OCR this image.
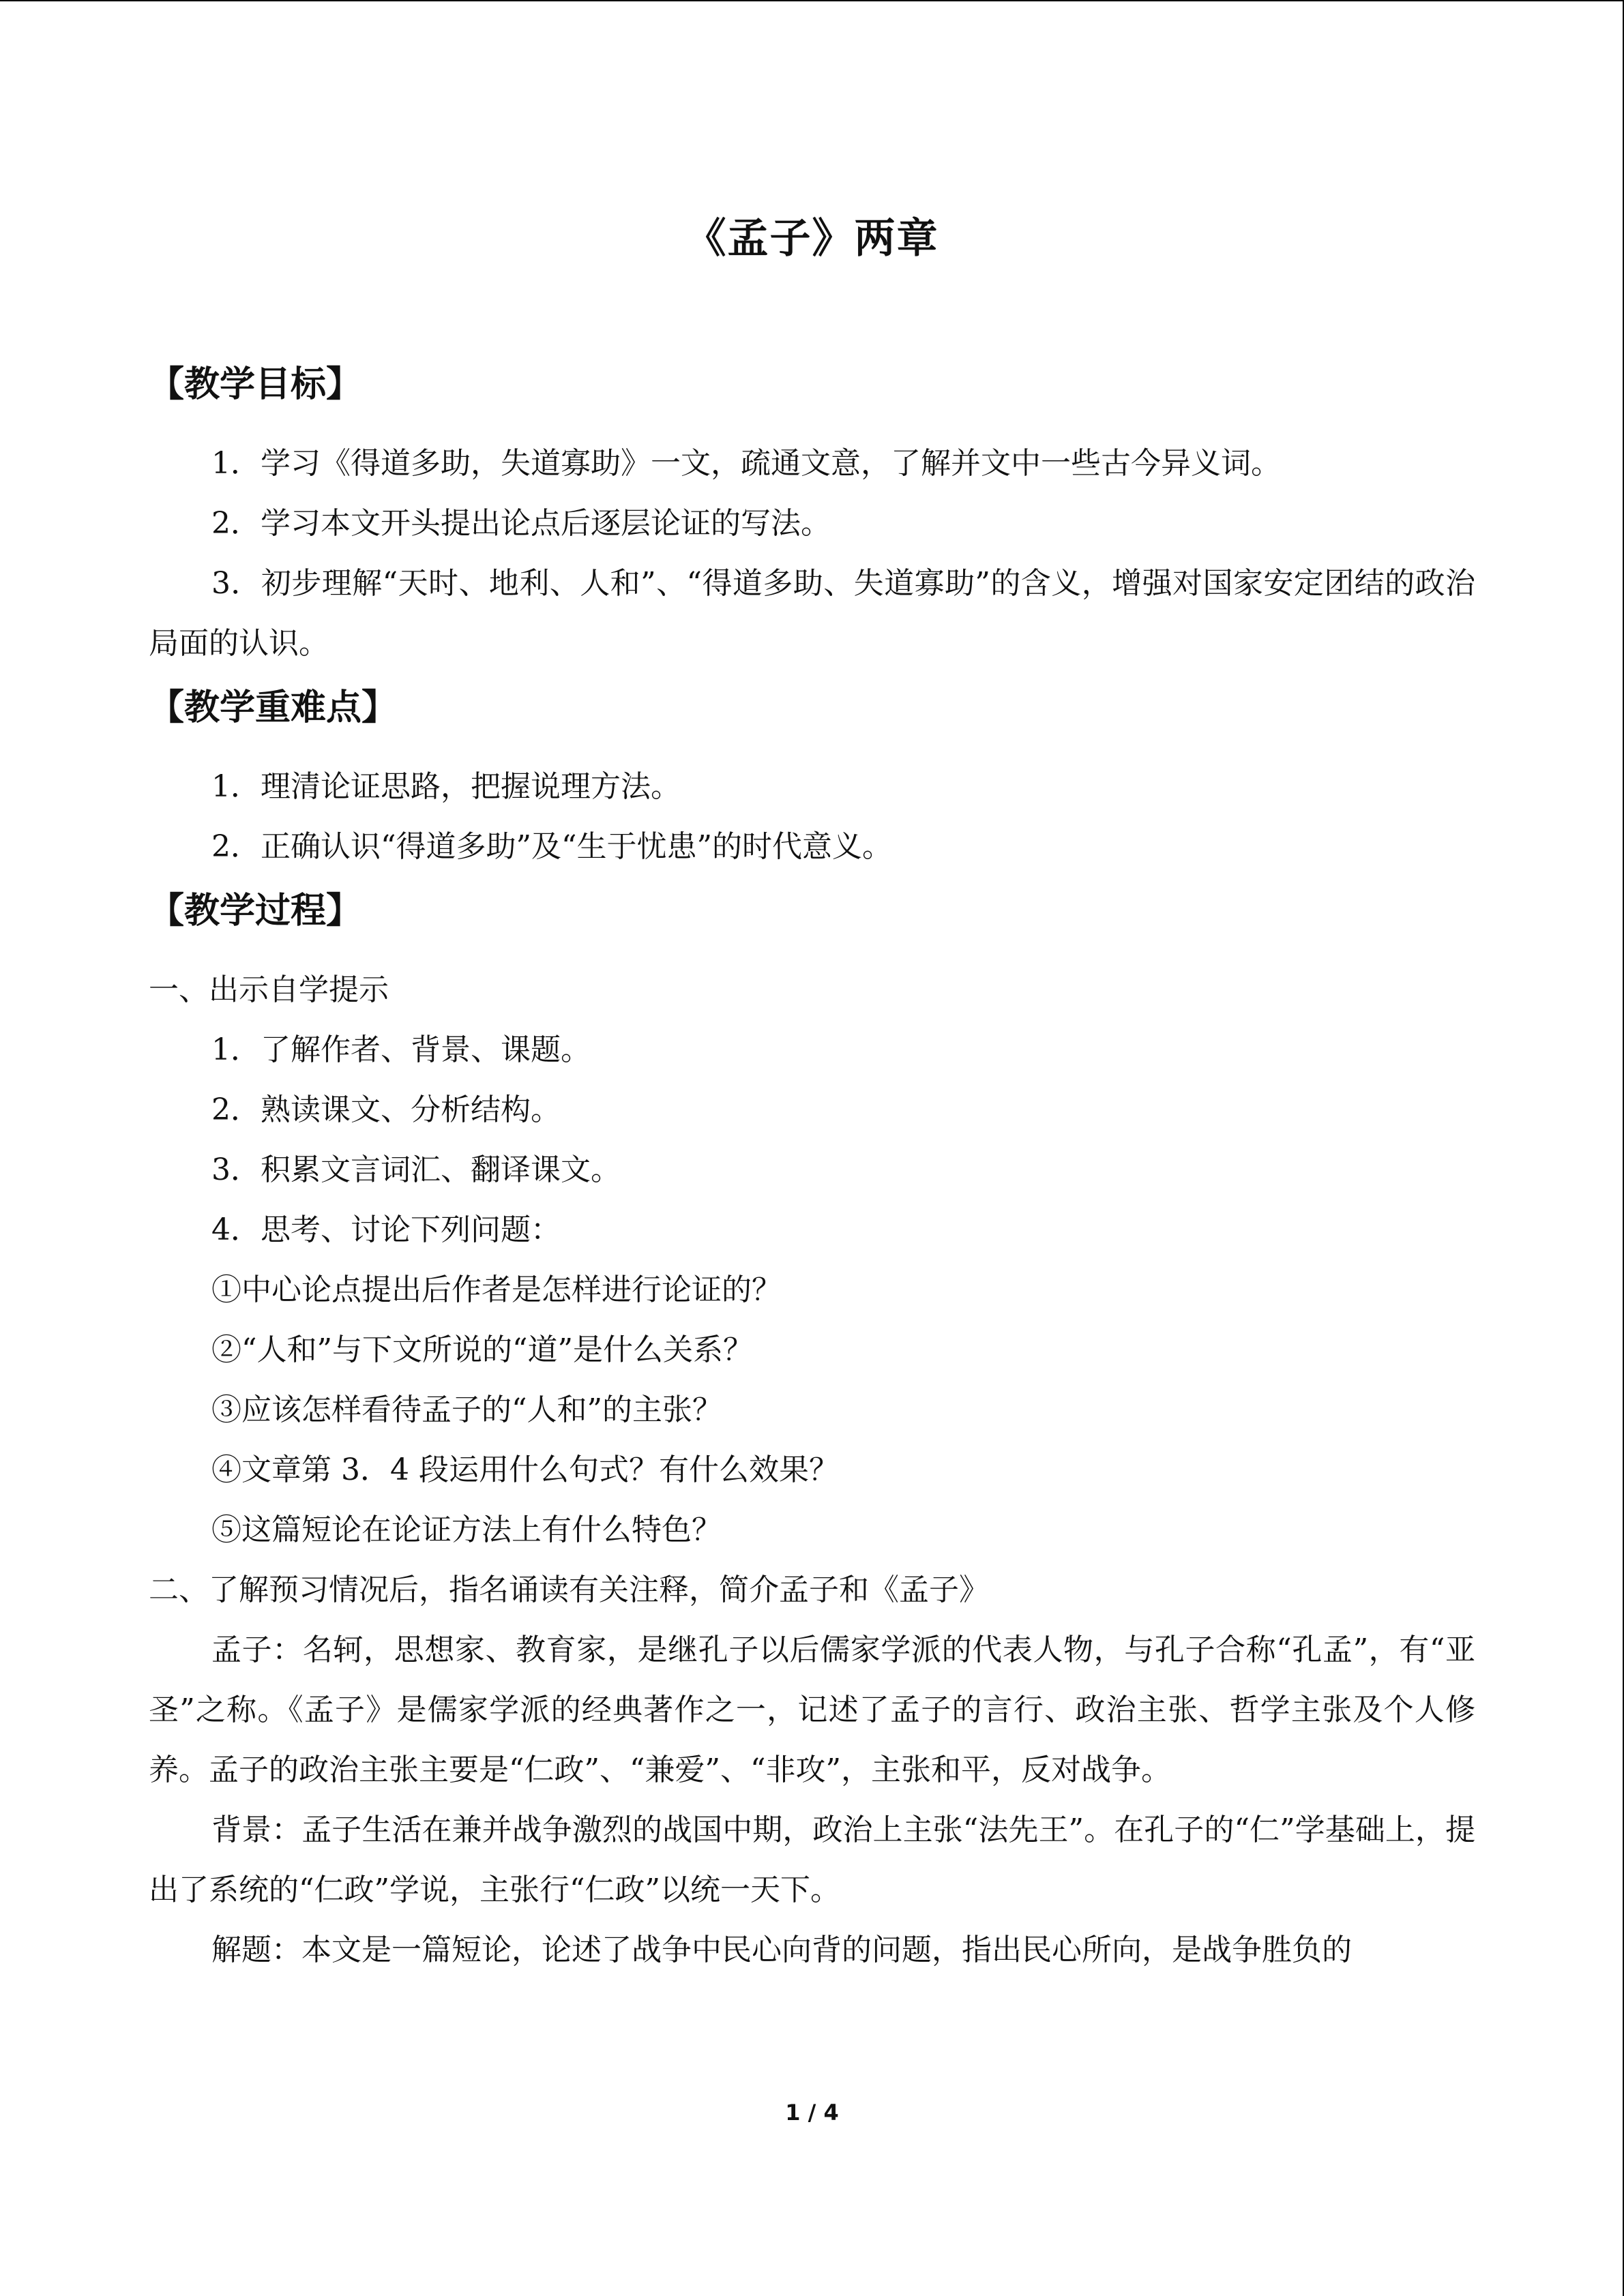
《孟子》两章
【教学目标】

1．学习《得道多助，失道寡助》一文，疏通文意，了解并文中一些古今异义词。

2．学习本文开头提出论点后逐层论证的写法。

3．初步理解“天时、地利、人和”、“得道多助、失道寡助”的含义，增强对国家安定团结的政治局面的认识。

【教学重难点】

1．理清论证思路，把握说理方法。

2．正确认识“得道多助”及“生于忧患”的时代意义。

【教学过程】

一、出示自学提示

1．了解作者、背景、课题。

2．熟读课文、分析结构。

3．积累文言词汇、翻译课文。

4．思考、讨论下列问题：

①中心论点提出后作者是怎样进行论证的？

②“人和”与下文所说的“道”是什么关系？

③应该怎样看待孟子的“人和”的主张？

④文章第 3．4 段运用什么句式？有什么效果？

⑤这篇短论在论证方法上有什么特色？

二、了解预习情况后，指名诵读有关注释，简介孟子和《孟子》

孟子：名轲，思想家、教育家，是继孔子以后儒家学派的代表人物，与孔子合称“孔孟”，有“亚圣”之称。《孟子》是儒家学派的经典著作之一，记述了孟子的言行、政治主张、哲学主张及个人修养。孟子的政治主张主要是“仁政”、“兼爱”、“非攻”，主张和平，反对战争。

背景：孟子生活在兼并战争激烈的战国中期，政治上主张“法先王”。在孔子的“仁”学基础上，提出了系统的“仁政”学说，主张行“仁政”以统一天下。

解题：本文是一篇短论，论述了战争中民心向背的问题，指出民心所向，是战争胜负的

1 / 4
